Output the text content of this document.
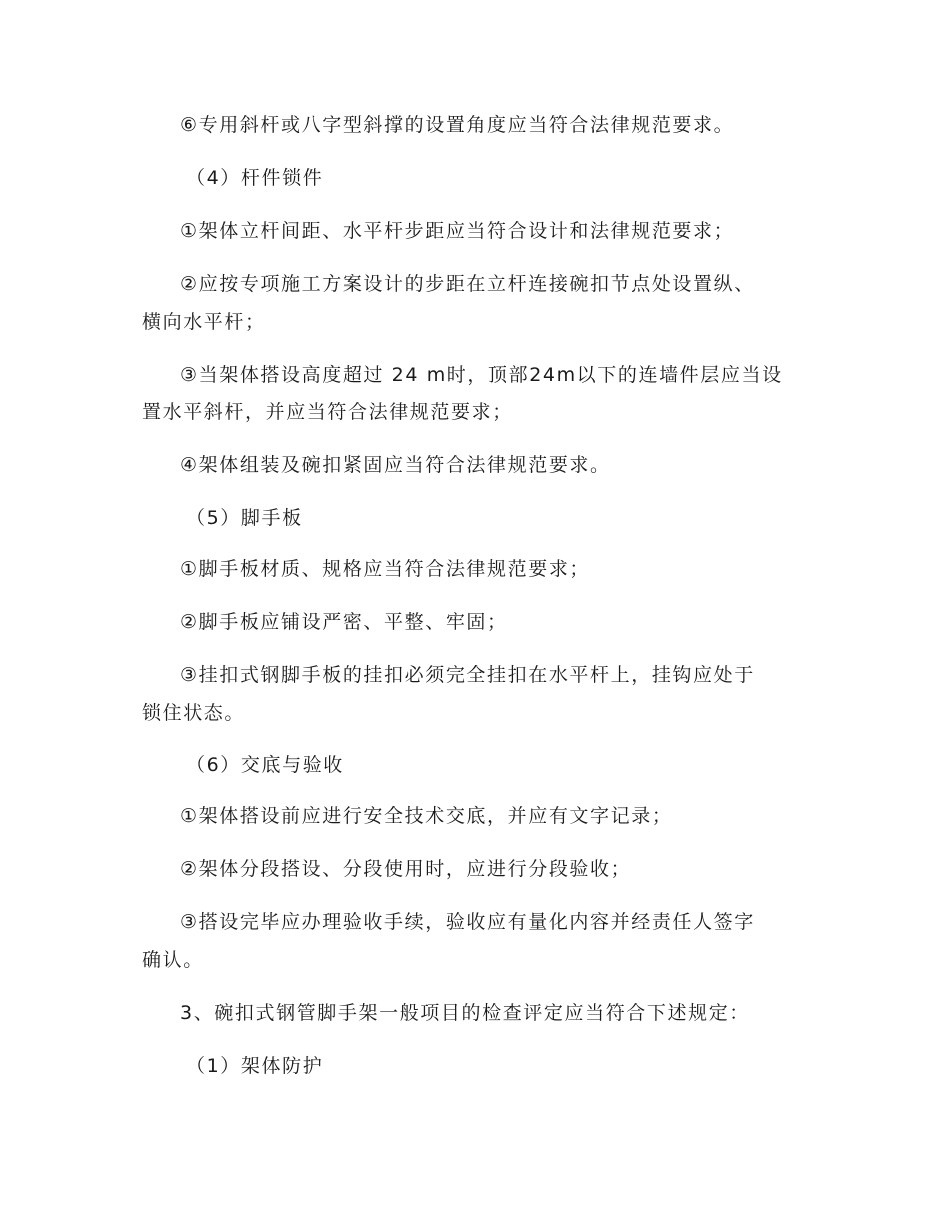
⑥专用斜杆或八字型斜撑的设置角度应当符合法律规范要求。
（4）杆件锁件
①架体立杆间距、水平杆步距应当符合设计和法律规范要求；
②应按专项施工方案设计的步距在立杆连接碗扣节点处设置纵、
横向水平杆；
③当架体搭设高度超过 24 m时，顶部24m以下的连墙件层应当设
置水平斜杆，并应当符合法律规范要求；
④架体组装及碗扣紧固应当符合法律规范要求。
（5）脚手板
①脚手板材质、规格应当符合法律规范要求；
②脚手板应铺设严密、平整、牢固；
③挂扣式钢脚手板的挂扣必须完全挂扣在水平杆上，挂钩应处于
锁住状态。
（6）交底与验收
①架体搭设前应进行安全技术交底，并应有文字记录；
②架体分段搭设、分段使用时，应进行分段验收；
③搭设完毕应办理验收手续，验收应有量化内容并经责任人签字
确认。
3、碗扣式钢管脚手架一般项目的检查评定应当符合下述规定：
（1）架体防护
